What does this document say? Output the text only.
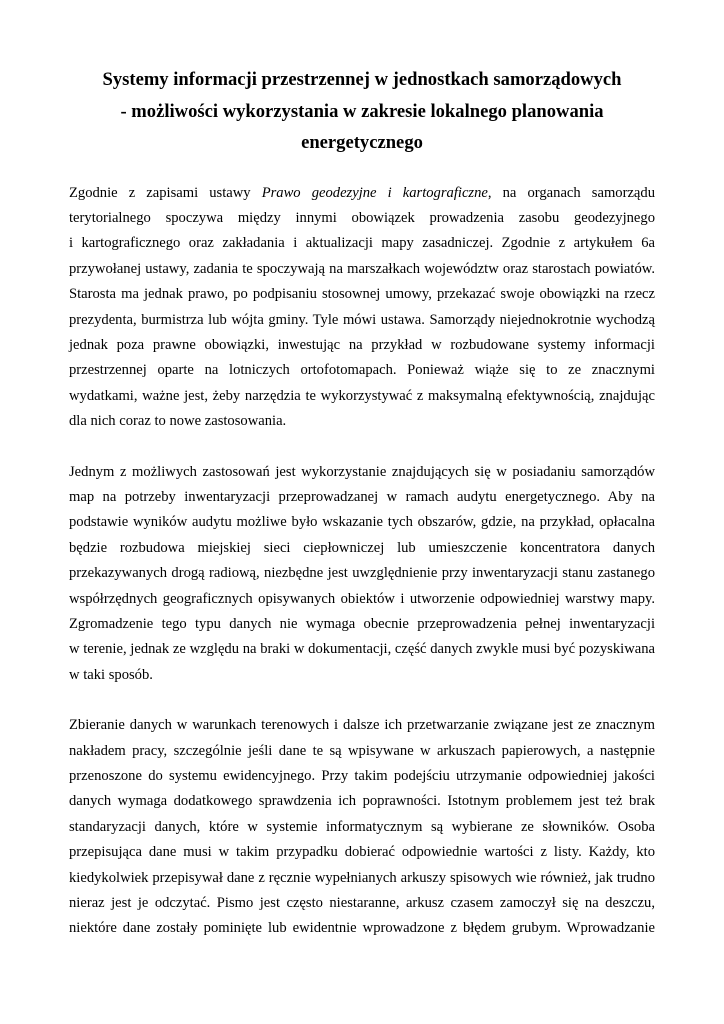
Systemy informacji przestrzennej w jednostkach samorządowych
- możliwości wykorzystania w zakresie lokalnego planowania
energetycznego
Zgodnie z zapisami ustawy Prawo geodezyjne i kartograficzne, na organach samorządu
terytorialnego spoczywa między innymi obowiązek prowadzenia zasobu geodezyjnego
i kartograficznego oraz zakładania i aktualizacji mapy zasadniczej. Zgodnie z artykułem 6a
przywołanej ustawy, zadania te spoczywają na marszałkach województw oraz starostach powiatów.
Starosta ma jednak prawo, po podpisaniu stosownej umowy, przekazać swoje obowiązki na rzecz
prezydenta, burmistrza lub wójta gminy. Tyle mówi ustawa. Samorządy niejednokrotnie wychodzą
jednak poza prawne obowiązki, inwestując na przykład w rozbudowane systemy informacji
przestrzennej oparte na lotniczych ortofotomapach. Ponieważ wiąże się to ze znacznymi
wydatkami, ważne jest, żeby narzędzia te wykorzystywać z maksymalną efektywnością, znajdując
dla nich coraz to nowe zastosowania.
Jednym z możliwych zastosowań jest wykorzystanie znajdujących się w posiadaniu samorządów
map na potrzeby inwentaryzacji przeprowadzanej w ramach audytu energetycznego. Aby na
podstawie wyników audytu możliwe było wskazanie tych obszarów, gdzie, na przykład, opłacalna
będzie rozbudowa miejskiej sieci ciepłowniczej lub umieszczenie koncentratora danych
przekazywanych drogą radiową, niezbędne jest uwzględnienie przy inwentaryzacji stanu zastanego
współrzędnych geograficznych opisywanych obiektów i utworzenie odpowiedniej warstwy mapy.
Zgromadzenie tego typu danych nie wymaga obecnie przeprowadzenia pełnej inwentaryzacji
w terenie, jednak ze względu na braki w dokumentacji, część danych zwykle musi być pozyskiwana
w taki sposób.
Zbieranie danych w warunkach terenowych i dalsze ich przetwarzanie związane jest ze znacznym
nakładem pracy, szczególnie jeśli dane te są wpisywane w arkuszach papierowych, a następnie
przenoszone do systemu ewidencyjnego. Przy takim podejściu utrzymanie odpowiedniej jakości
danych wymaga dodatkowego sprawdzenia ich poprawności. Istotnym problemem jest też brak
standaryzacji danych, które w systemie informatycznym są wybierane ze słowników. Osoba
przepisująca dane musi w takim przypadku dobierać odpowiednie wartości z listy. Każdy, kto
kiedykolwiek przepisywał dane z ręcznie wypełnianych arkuszy spisowych wie również, jak trudno
nieraz jest je odczytać. Pismo jest często niestaranne, arkusz czasem zamoczył się na deszczu,
niektóre dane zostały pominięte lub ewidentnie wprowadzone z błędem grubym. Wprowadzanie
